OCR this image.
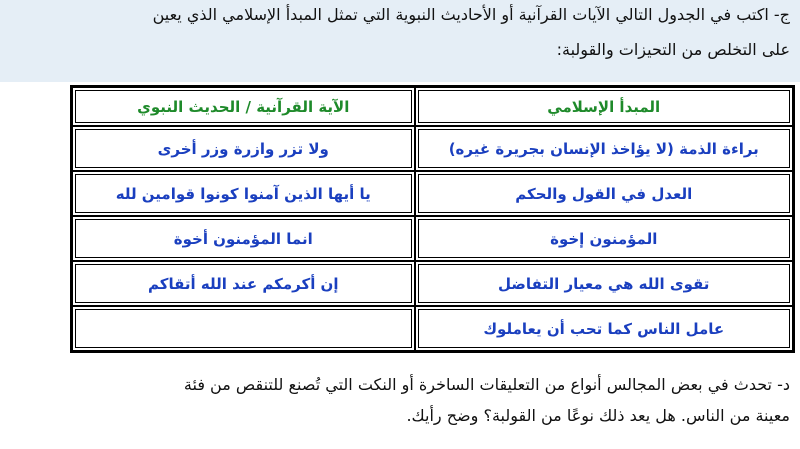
ج- اكتب في الجدول التالي الآيات القرآنية أو الأحاديث النبوية التي تمثل المبدأ الإسلامي الذي يعين
على التخلص من التحيزات والقولبة:
المبدأ الإسلامي	الآية القرآنية / الحديث النبوي
براءة الذمة (لا يؤاخذ الإنسان بجريرة غيره)	ولا تزر وازرة وزر أخرى
العدل في القول والحكم	يا أيها الذين آمنوا كونوا قوامين لله
المؤمنون إخوة	انما المؤمنون أخوة
تقوى الله هي معيار التفاضل	إن أكرمكم عند الله أتقاكم
عامل الناس كما تحب أن يعاملوك	
د- تحدث في بعض المجالس أنواع من التعليقات الساخرة أو النكت التي تُصنع للتنقص من فئة
معينة من الناس. هل يعد ذلك نوعًا من القولبة؟ وضح رأيك.
